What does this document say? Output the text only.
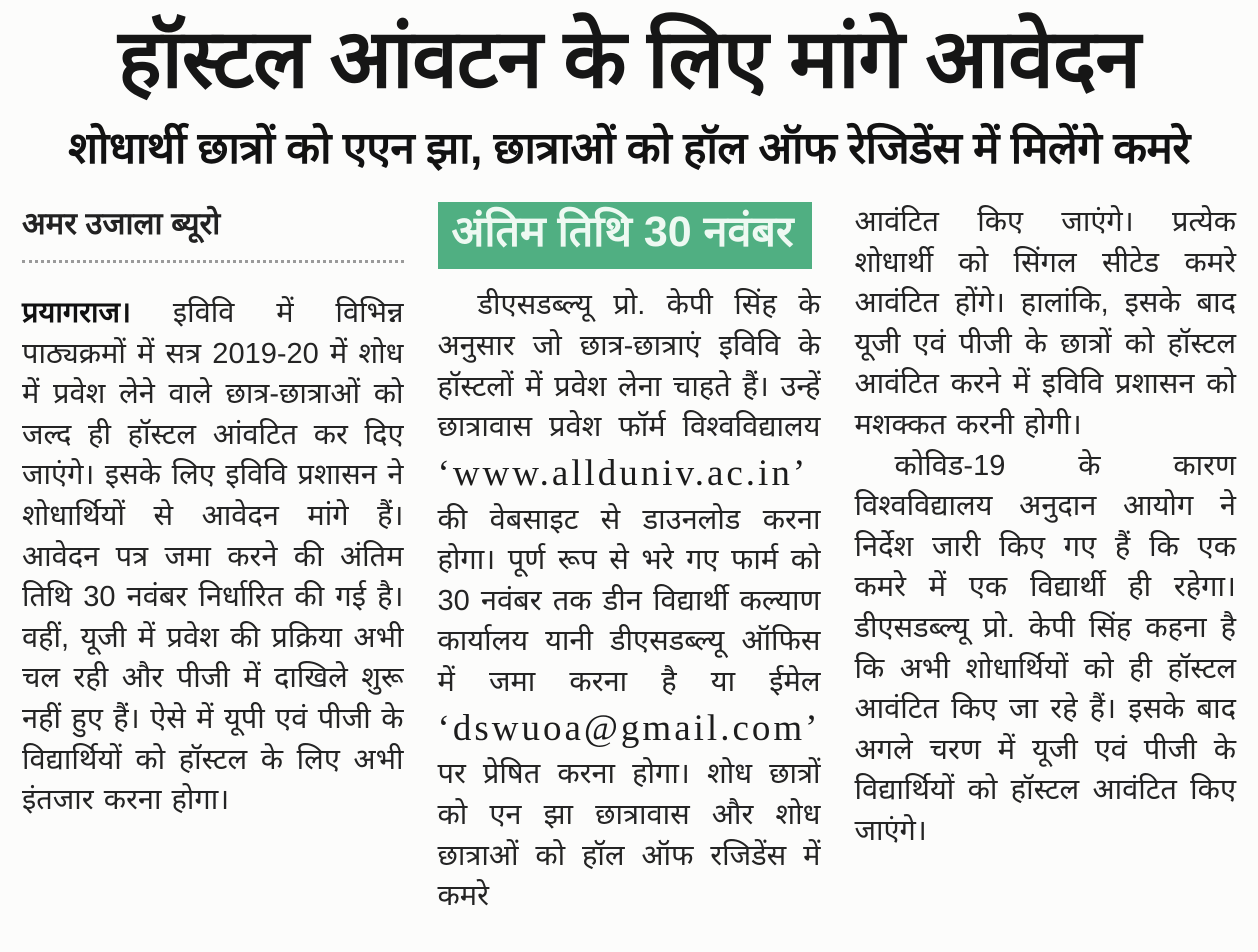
हॉस्टल आंवटन के लिए मांगे आवेदन
शोधार्थी छात्रों को एएन झा, छात्राओं को हॉल ऑफ रेजिडेंस में मिलेंगे कमरे
अमर उजाला ब्यूरो

प्रयागराज। इविवि में विभिन्न पाठ्यक्रमों में सत्र 2019-20 में शोध में प्रवेश लेने वाले छात्र-छात्राओं को जल्द ही हॉस्टल आंवटित कर दिए जाएंगे। इसके लिए इविवि प्रशासन ने शोधार्थियों से आवेदन मांगे हैं। आवेदन पत्र जमा करने की अंतिम तिथि 30 नवंबर निर्धारित की गई है। वहीं, यूजी में प्रवेश की प्रक्रिया अभी चल रही और पीजी में दाखिले शुरू नहीं हुए हैं। ऐसे में यूपी एवं पीजी के विद्यार्थियों को हॉस्टल के लिए अभी इंतजार करना होगा।

अंतिम तिथि 30 नवंबर

डीएसडब्ल्यू प्रो. केपी सिंह के अनुसार जो छात्र-छात्राएं इविवि के हॉस्टलों में प्रवेश लेना चाहते हैं। उन्हें छात्रावास प्रवेश फॉर्म विश्वविद्यालय ‘www.allduniv.ac.in’ की वेबसाइट से डाउनलोड करना होगा। पूर्ण रूप से भरे गए फार्म को 30 नवंबर तक डीन विद्यार्थी कल्याण कार्यालय यानी डीएसडब्ल्यू ऑफिस में जमा करना है या ईमेल ‘dswuoa@gmail.com’ पर प्रेषित करना होगा। शोध छात्रों को एन झा छात्रावास और शोध छात्राओं को हॉल ऑफ रजिडेंस में कमरे

आवंटित किए जाएंगे। प्रत्येक शोधार्थी को सिंगल सीटेड कमरे आवंटित होंगे। हालांकि, इसके बाद यूजी एवं पीजी के छात्रों को हॉस्टल आवंटित करने में इविवि प्रशासन को मशक्कत करनी होगी।

कोविड-19 के कारण विश्वविद्यालय अनुदान आयोग ने निर्देश जारी किए गए हैं कि एक कमरे में एक विद्यार्थी ही रहेगा। डीएसडब्ल्यू प्रो. केपी सिंह कहना है कि अभी शोधार्थियों को ही हॉस्टल आवंटित किए जा रहे हैं। इसके बाद अगले चरण में यूजी एवं पीजी के विद्यार्थियों को हॉस्टल आवंटित किए जाएंगे।
